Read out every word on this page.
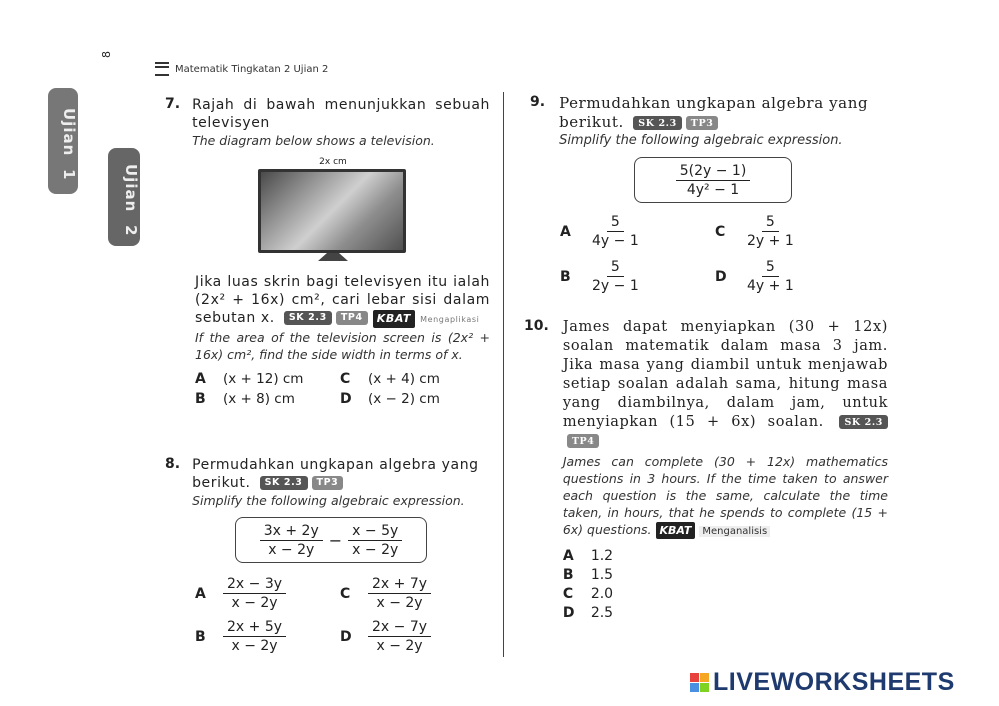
8
Matematik Tingkatan 2 Ujian 2
Ujian 1	Ujian 2
7. Rajah di bawah menunjukkan sebuah televisyen
The diagram below shows a television.
2x cm
Jika luas skrin bagi televisyen itu ialah (2x² + 16x) cm², cari lebar sisi dalam sebutan x. SK 2.3 TP4 KBAT Mengaplikasi
If the area of the television screen is (2x² + 16x) cm², find the side width in terms of x.
A (x + 12) cm	C (x + 4) cm
B (x + 8) cm	D (x − 2) cm
8. Permudahkan ungkapan algebra yang berikut. SK 2.3 TP3
Simplify the following algebraic expression.
$\frac{3x + 2y}{x - 2y} - \frac{x - 5y}{x - 2y}$
A $\frac{2x - 3y}{x - 2y}$	C $\frac{2x + 7y}{x - 2y}$
B $\frac{2x + 5y}{x - 2y}$	D $\frac{2x - 7y}{x - 2y}$
9. Permudahkan ungkapan algebra yang berikut. SK 2.3 TP3
Simplify the following algebraic expression.
$\frac{5(2y - 1)}{\text{4y² − 1}}$
A $\frac{5}{4y - 1}$	C $\frac{5}{2y + 1}$
B $\frac{5}{2y - 1}$	D $\frac{5}{4y + 1}$
10. James dapat menyiapkan (30 + 12x) soalan matematik dalam masa 3 jam. Jika masa yang diambil untuk menjawab setiap soalan adalah sama, hitung masa yang diambilnya, dalam jam, untuk menyiapkan (15 + 6x) soalan. SK 2.3TP4
James can complete (30 + 12x) mathematics questions in 3 hours. If the time taken to answer each question is the same, calculate the time taken, in hours, that he spends to complete (15 + 6x) questions. KBAT Menganalisis
A 1.2
B 1.5
C 2.0
D 2.5
LIVEWORKSHEETS
